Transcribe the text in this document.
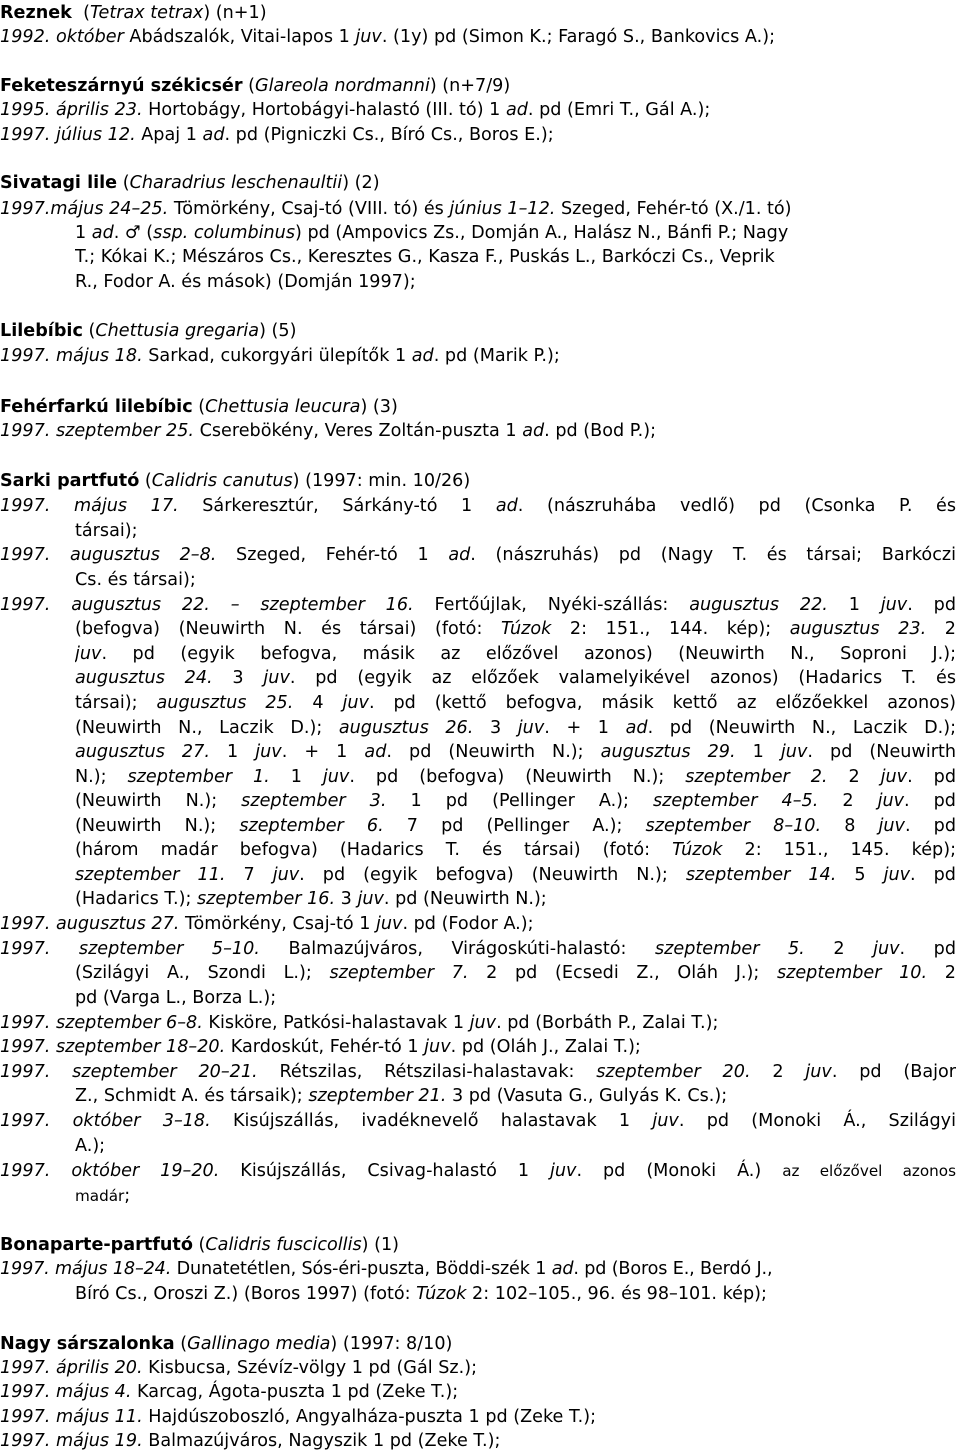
Reznek  (Tetrax tetrax) (n+1)
1992. október Abádszalók, Vitai-lapos 1 juv. (1y) pd (Simon K.; Faragó S., Bankovics A.);
Feketeszárnyú székicsér (Glareola nordmanni) (n+7/9)
1995. április 23. Hortobágy, Hortobágyi-halastó (III. tó) 1 ad. pd (Emri T., Gál A.);
1997. július 12. Apaj 1 ad. pd (Pigniczki Cs., Bíró Cs., Boros E.);
Sivatagi lile (Charadrius leschenaultii) (2)
1997.május 24–25. Tömörkény, Csaj-tó (VIII. tó) és június 1–12. Szeged, Fehér-tó (X./1. tó)
1 ad. ♂ (ssp. columbinus) pd (Ampovics Zs., Domján A., Halász N., Bánfi P.; Nagy
T.; Kókai K.; Mészáros Cs., Keresztes G., Kasza F., Puskás L., Barkóczi Cs., Veprik
R., Fodor A. és mások) (Domján 1997);
Lilebíbic (Chettusia gregaria) (5)
1997. május 18. Sarkad, cukorgyári ülepítők 1 ad. pd (Marik P.);
Fehérfarkú lilebíbic (Chettusia leucura) (3)
1997. szeptember 25. Cserebökény, Veres Zoltán-puszta 1 ad. pd (Bod P.);
Sarki partfutó (Calidris canutus) (1997: min. 10/26)
1997. május 17. Sárkeresztúr, Sárkány-tó 1 ad. (nászruhába vedlő) pd (Csonka P. és
társai);
1997. augusztus 2–8. Szeged, Fehér-tó 1 ad. (nászruhás) pd (Nagy T. és társai; Barkóczi
Cs. és társai);
1997. augusztus 22. – szeptember 16. Fertőújlak, Nyéki-szállás: augusztus 22. 1 juv. pd
(befogva) (Neuwirth N. és társai) (fotó: Túzok 2: 151., 144. kép); augusztus 23. 2
juv. pd (egyik befogva, másik az előzővel azonos) (Neuwirth N., Soproni J.);
augusztus 24. 3 juv. pd (egyik az előzőek valamelyikével azonos) (Hadarics T. és
társai); augusztus 25. 4 juv. pd (kettő befogva, másik kettő az előzőekkel azonos)
(Neuwirth N., Laczik D.); augusztus 26. 3 juv. + 1 ad. pd (Neuwirth N., Laczik D.);
augusztus 27. 1 juv. + 1 ad. pd (Neuwirth N.); augusztus 29. 1 juv. pd (Neuwirth
N.); szeptember 1. 1 juv. pd (befogva) (Neuwirth N.); szeptember 2. 2 juv. pd
(Neuwirth N.); szeptember 3. 1 pd (Pellinger A.); szeptember 4–5. 2 juv. pd
(Neuwirth N.); szeptember 6. 7 pd (Pellinger A.); szeptember 8–10. 8 juv. pd
(három madár befogva) (Hadarics T. és társai) (fotó: Túzok 2: 151., 145. kép);
szeptember 11. 7 juv. pd (egyik befogva) (Neuwirth N.); szeptember 14. 5 juv. pd
(Hadarics T.); szeptember 16. 3 juv. pd (Neuwirth N.);
1997. augusztus 27. Tömörkény, Csaj-tó 1 juv. pd (Fodor A.);
1997. szeptember 5–10. Balmazújváros, Virágoskúti-halastó: szeptember 5. 2 juv. pd
(Szilágyi A., Szondi L.); szeptember 7. 2 pd (Ecsedi Z., Oláh J.); szeptember 10. 2
pd (Varga L., Borza L.);
1997. szeptember 6–8. Kisköre, Patkósi-halastavak 1 juv. pd (Borbáth P., Zalai T.);
1997. szeptember 18–20. Kardoskút, Fehér-tó 1 juv. pd (Oláh J., Zalai T.);
1997. szeptember 20–21. Rétszilas, Rétszilasi-halastavak: szeptember 20. 2 juv. pd (Bajor
Z., Schmidt A. és társaik); szeptember 21. 3 pd (Vasuta G., Gulyás K. Cs.);
1997. október 3–18. Kisújszállás, ivadéknevelő halastavak 1 juv. pd (Monoki Á., Szilágyi
A.);
1997. október 19–20. Kisújszállás, Csivag-halastó 1 juv. pd (Monoki Á.) az előzővel azonos
madár;
Bonaparte-partfutó (Calidris fuscicollis) (1)
1997. május 18–24. Dunatetétlen, Sós-éri-puszta, Böddi-szék 1 ad. pd (Boros E., Berdó J.,
Bíró Cs., Oroszi Z.) (Boros 1997) (fotó: Túzok 2: 102–105., 96. és 98–101. kép);
Nagy sárszalonka (Gallinago media) (1997: 8/10)
1997. április 20. Kisbucsa, Szévíz-völgy 1 pd (Gál Sz.);
1997. május 4. Karcag, Ágota-puszta 1 pd (Zeke T.);
1997. május 11. Hajdúszoboszló, Angyalháza-puszta 1 pd (Zeke T.);
1997. május 19. Balmazújváros, Nagyszik 1 pd (Zeke T.);
